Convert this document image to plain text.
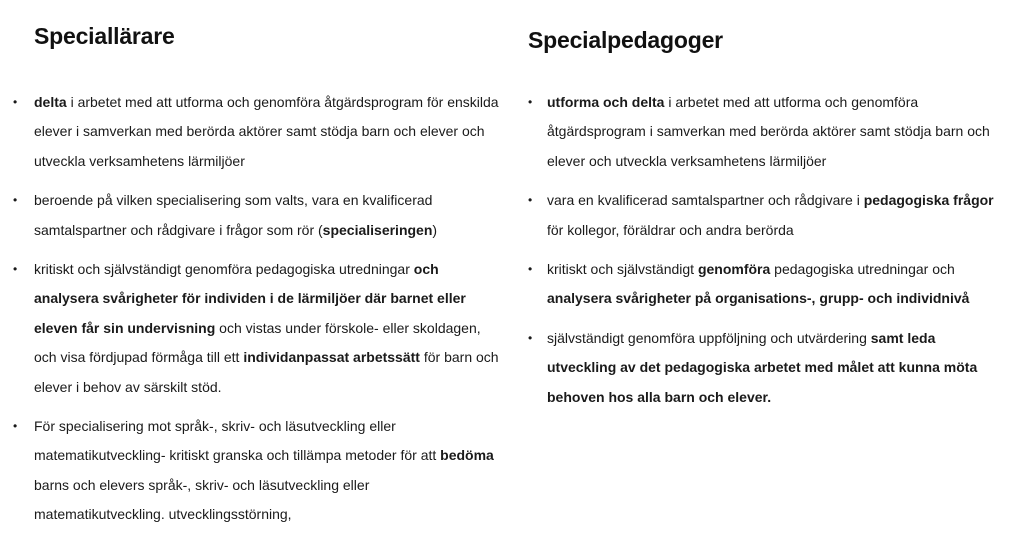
Speciallärare
• delta i arbetet med att utforma och genomföra åtgärdsprogram för enskilda elever i samverkan med berörda aktörer samt stödja barn och elever och utveckla verksamhetens lärmiljöer
• beroende på vilken specialisering som valts, vara en kvalificerad samtalspartner och rådgivare i frågor som rör (specialiseringen)
• kritiskt och självständigt genomföra pedagogiska utredningar och analysera svårigheter för individen i de lärmiljöer där barnet eller eleven får sin undervisning och vistas under förskole- eller skoldagen, och visa fördjupad förmåga till ett individanpassat arbetssätt för barn och elever i behov av särskilt stöd.
• För specialisering mot språk-, skriv- och läsutveckling eller matematikutveckling- kritiskt granska och tillämpa metoder för att bedöma barns och elevers språk-, skriv- och läsutveckling eller matematikutveckling. utvecklingsstörning,
Specialpedagoger
• utforma och delta i arbetet med att utforma och genomföra åtgärdsprogram i samverkan med berörda aktörer samt stödja barn och elever och utveckla verksamhetens lärmiljöer
• vara en kvalificerad samtalspartner och rådgivare i pedagogiska frågor för kollegor, föräldrar och andra berörda
• kritiskt och självständigt genomföra pedagogiska utredningar och analysera svårigheter på organisations-, grupp- och individnivå
• självständigt genomföra uppföljning och utvärdering samt leda utveckling av det pedagogiska arbetet med målet att kunna möta behoven hos alla barn och elever.
